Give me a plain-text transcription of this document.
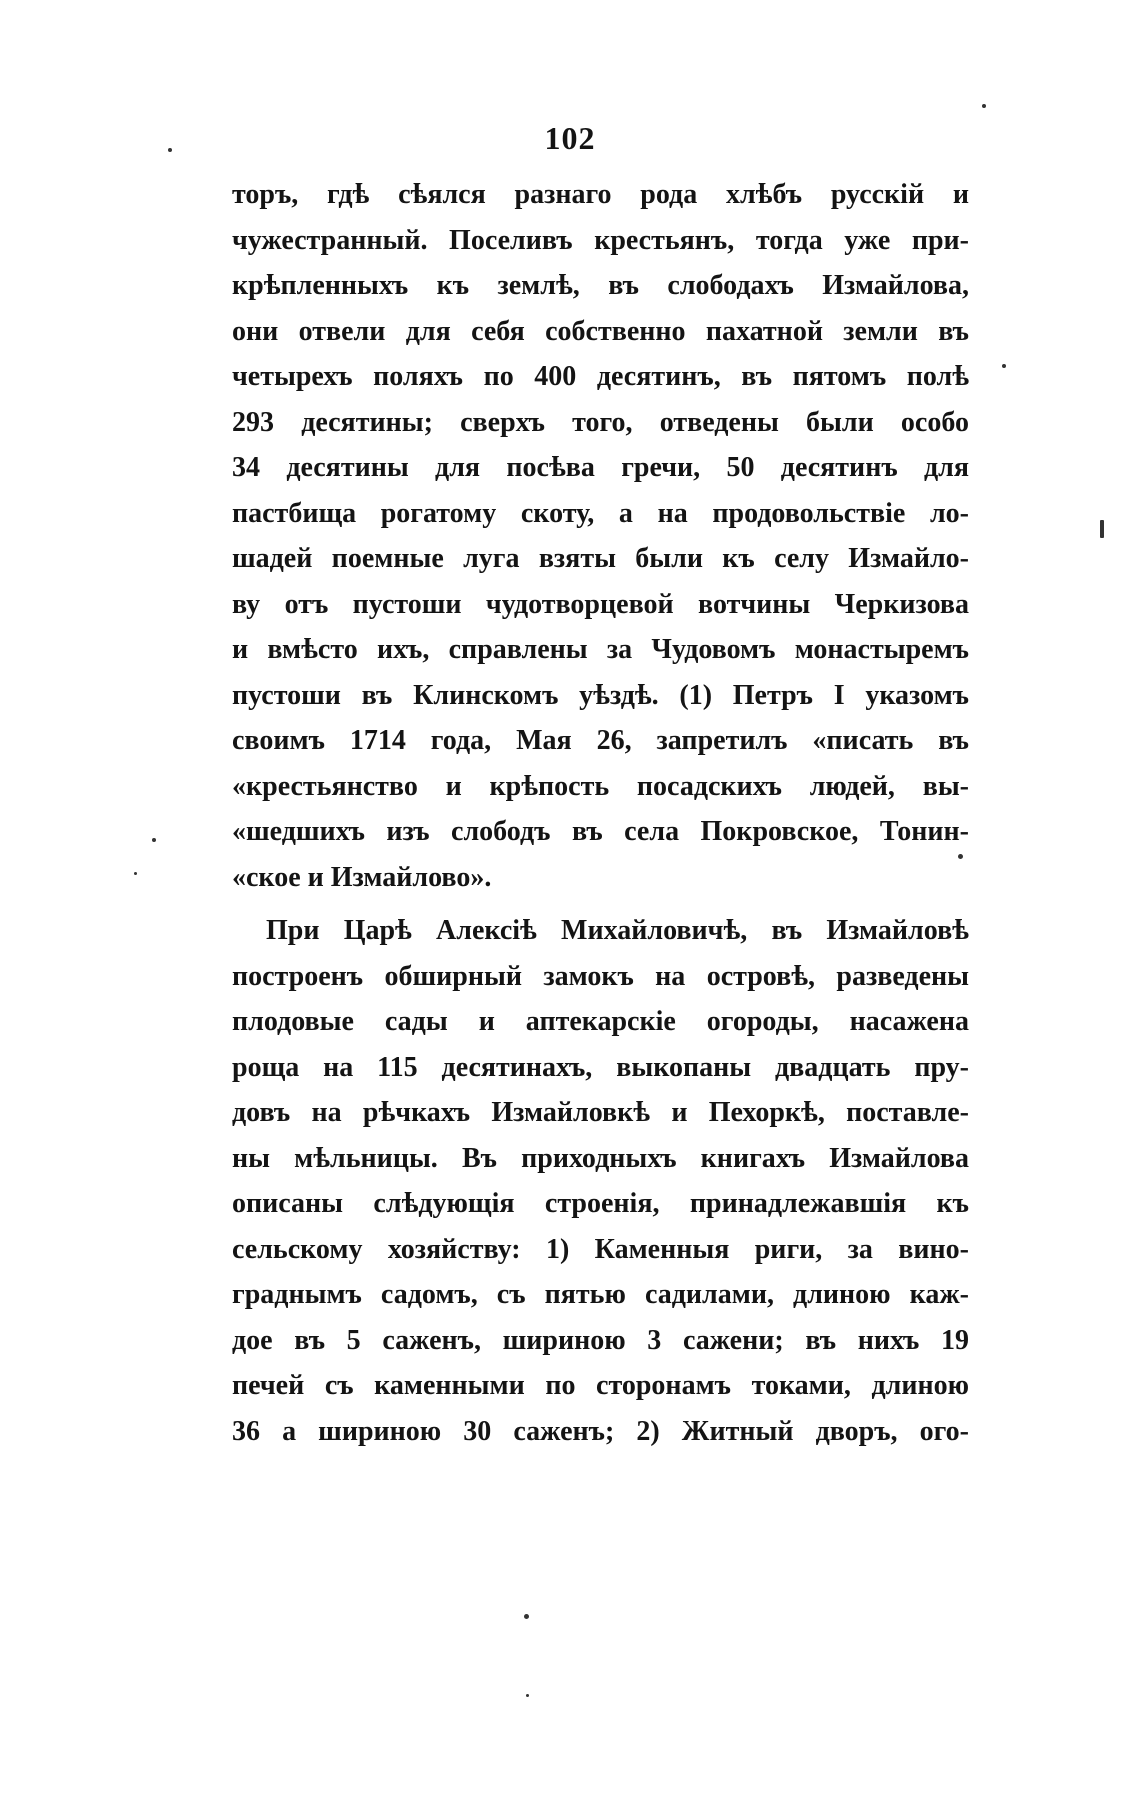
102
торъ, гдѣ сѣялся разнаго рода хлѣбъ русскій и
чужестранный. Поселивъ крестьянъ, тогда уже при-
крѣпленныхъ къ землѣ, въ слободахъ Измайлова,
они отвели для себя собственно пахатной земли въ
четырехъ поляхъ по 400 десятинъ, въ пятомъ полѣ
293 десятины; сверхъ того, отведены были особо
34 десятины для посѣва гречи, 50 десятинъ для
пастбища рогатому скоту, а на продовольствіе ло-
шадей поемные луга взяты были къ селу Измайло-
ву отъ пустоши чудотворцевой вотчины Черкизова
и вмѣсто ихъ, справлены за Чудовомъ монастыремъ
пустоши въ Клинскомъ уѣздѣ. (1) Петръ I указомъ
своимъ 1714 года, Мая 26, запретилъ «писать въ
«крестьянство и крѣпость посадскихъ людей, вы-
«шедшихъ изъ слободъ въ села Покровское, Тонин-
«ское и Измайлово».
При Царѣ Алексіѣ Михайловичѣ, въ Измайловѣ
построенъ обширный замокъ на островѣ, разведены
плодовые сады и аптекарскіе огороды, насажена
роща на 115 десятинахъ, выкопаны двадцать пру-
довъ на рѣчкахъ Измайловкѣ и Пехоркѣ, поставле-
ны мѣльницы. Въ приходныхъ книгахъ Измайлова
описаны слѣдующія строенія, принадлежавшія къ
сельскому хозяйству: 1) Каменныя риги, за вино-
граднымъ садомъ, съ пятью садилами, длиною каж-
дое въ 5 саженъ, шириною 3 сажени; въ нихъ 19
печей съ каменными по сторонамъ токами, длиною
36 а шириною 30 саженъ; 2) Житный дворъ, ого-
